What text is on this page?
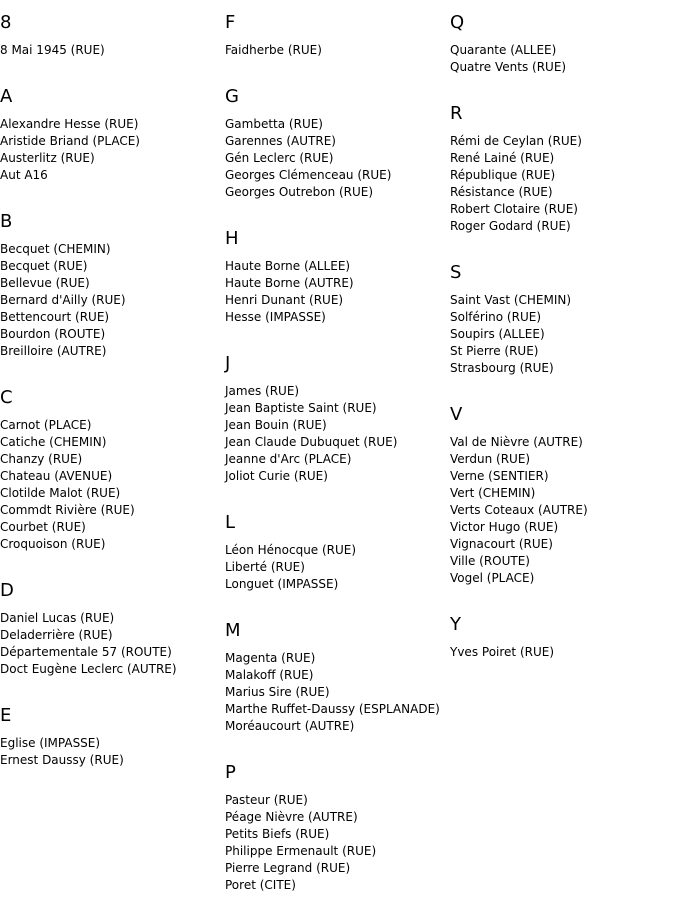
8
8 Mai 1945 (RUE)
A
Alexandre Hesse (RUE)
Aristide Briand (PLACE)
Austerlitz (RUE)
Aut A16
B
Becquet (CHEMIN)
Becquet (RUE)
Bellevue (RUE)
Bernard d'Ailly (RUE)
Bettencourt (RUE)
Bourdon (ROUTE)
Breilloire (AUTRE)
C
Carnot (PLACE)
Catiche (CHEMIN)
Chanzy (RUE)
Chateau (AVENUE)
Clotilde Malot (RUE)
Commdt Rivière (RUE)
Courbet (RUE)
Croquoison (RUE)
D
Daniel Lucas (RUE)
Deladerrière (RUE)
Départementale 57 (ROUTE)
Doct Eugène Leclerc (AUTRE)
E
Eglise (IMPASSE)
Ernest Daussy (RUE)
F
Faidherbe (RUE)
G
Gambetta (RUE)
Garennes (AUTRE)
Gén Leclerc (RUE)
Georges Clémenceau (RUE)
Georges Outrebon (RUE)
H
Haute Borne (ALLEE)
Haute Borne (AUTRE)
Henri Dunant (RUE)
Hesse (IMPASSE)
J
James (RUE)
Jean Baptiste Saint (RUE)
Jean Bouin (RUE)
Jean Claude Dubuquet (RUE)
Jeanne d'Arc (PLACE)
Joliot Curie (RUE)
L
Léon Hénocque (RUE)
Liberté (RUE)
Longuet (IMPASSE)
M
Magenta (RUE)
Malakoff (RUE)
Marius Sire (RUE)
Marthe Ruffet-Daussy (ESPLANADE)
Moréaucourt (AUTRE)
P
Pasteur (RUE)
Péage Nièvre (AUTRE)
Petits Biefs (RUE)
Philippe Ermenault (RUE)
Pierre Legrand (RUE)
Poret (CITE)
Q
Quarante (ALLEE)
Quatre Vents (RUE)
R
Rémi de Ceylan (RUE)
René Lainé (RUE)
République (RUE)
Résistance (RUE)
Robert Clotaire (RUE)
Roger Godard (RUE)
S
Saint Vast (CHEMIN)
Solférino (RUE)
Soupirs (ALLEE)
St Pierre (RUE)
Strasbourg (RUE)
V
Val de Nièvre (AUTRE)
Verdun (RUE)
Verne (SENTIER)
Vert (CHEMIN)
Verts Coteaux (AUTRE)
Victor Hugo (RUE)
Vignacourt (RUE)
Ville (ROUTE)
Vogel (PLACE)
Y
Yves Poiret (RUE)
